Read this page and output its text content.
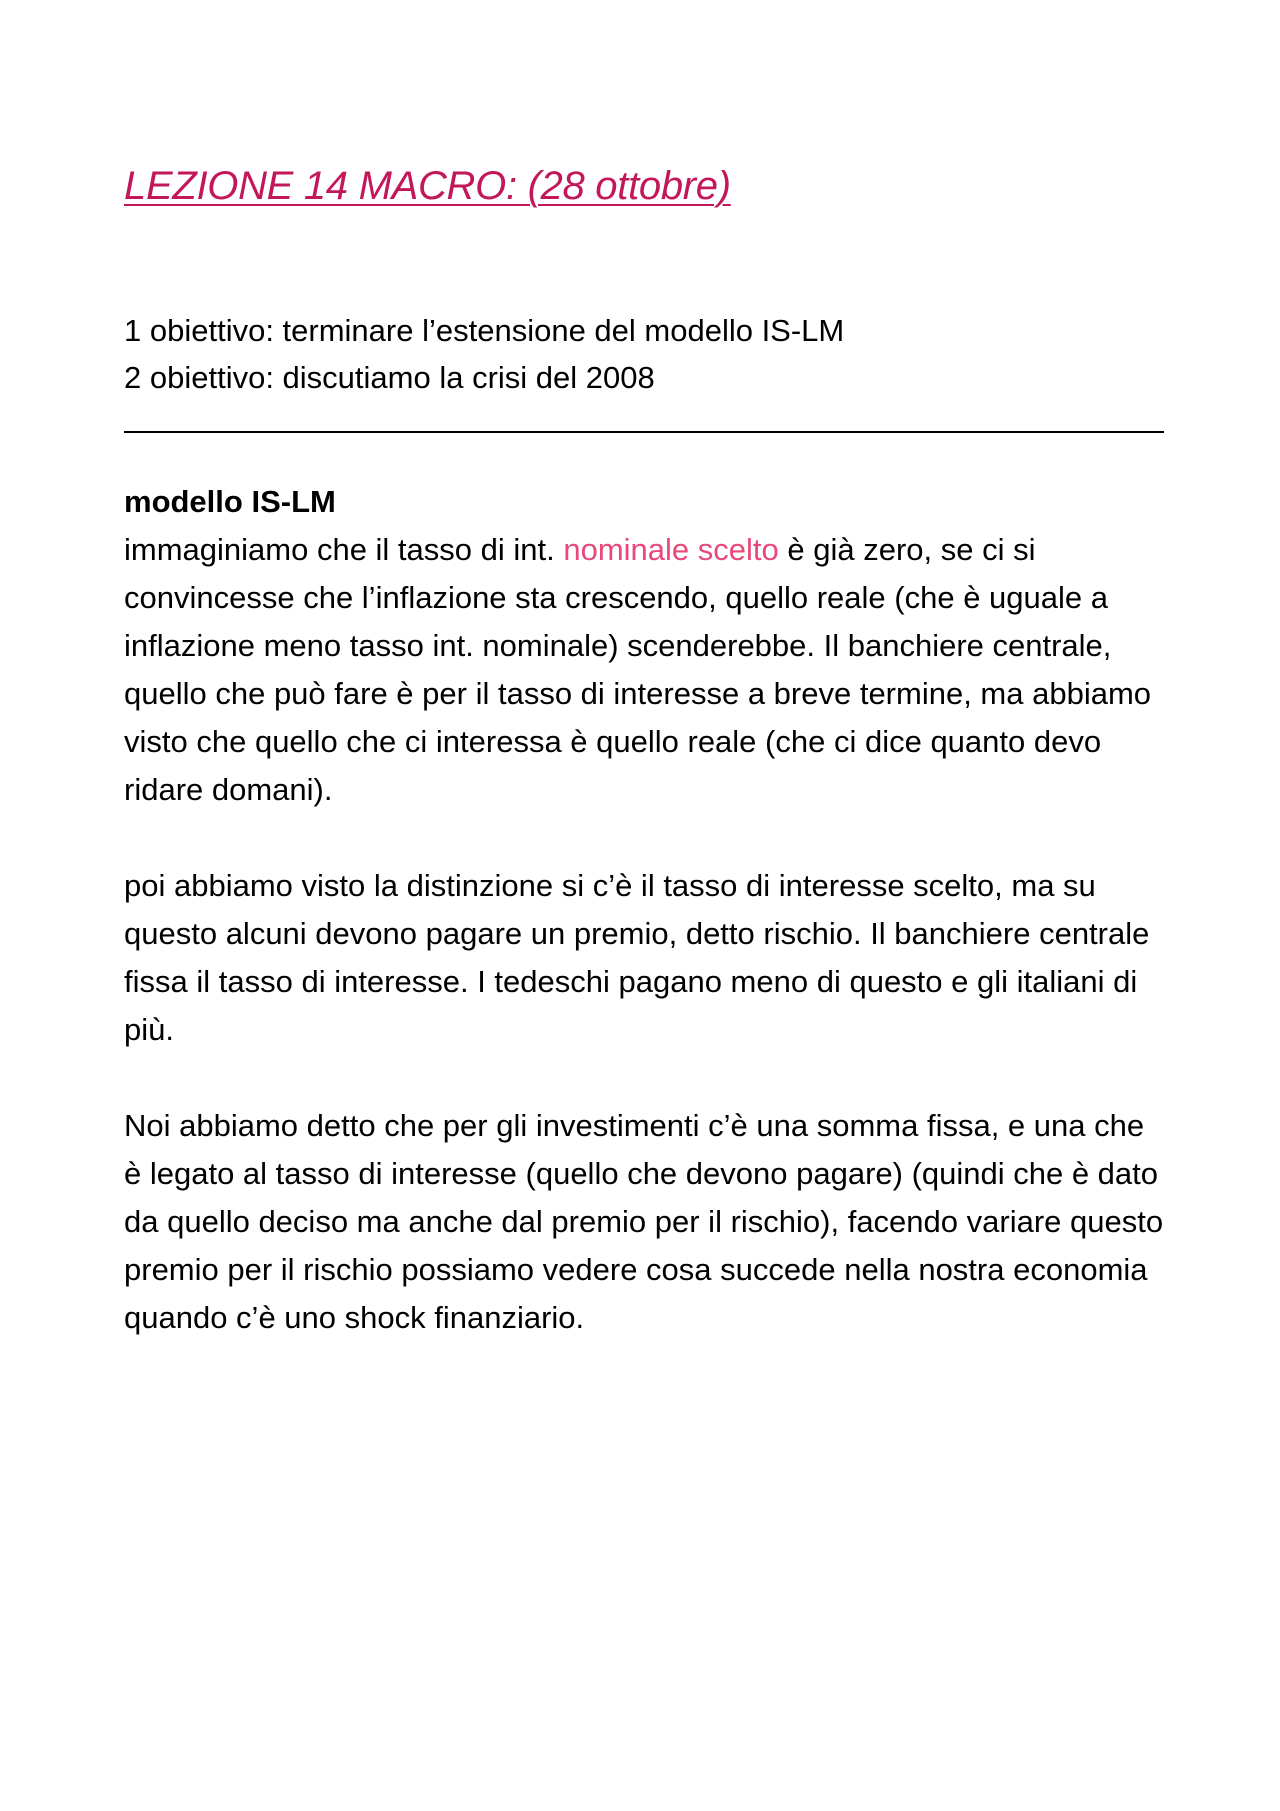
LEZIONE 14 MACRO: (28 ottobre)
1 obiettivo: terminare l’estensione del modello IS-LM
2 obiettivo: discutiamo la crisi del 2008
modello IS-LM

immaginiamo che il tasso di int. nominale scelto è già zero, se ci si convincesse che l’inflazione sta crescendo, quello reale (che è uguale a inflazione meno tasso int. nominale) scenderebbe. Il banchiere centrale, quello che può fare è per il tasso di interesse a breve termine, ma abbiamo visto che quello che ci interessa è quello reale (che ci dice quanto devo ridare domani).

poi abbiamo visto la distinzione si c’è il tasso di interesse scelto, ma su questo alcuni devono pagare un premio, detto rischio. Il banchiere centrale fissa il tasso di interesse. I tedeschi pagano meno di questo e gli italiani di più.

Noi abbiamo detto che per gli investimenti c’è una somma fissa, e una che è legato al tasso di interesse (quello che devono pagare) (quindi che è dato da quello deciso ma anche dal premio per il rischio), facendo variare questo premio per il rischio possiamo vedere cosa succede nella nostra economia quando c’è uno shock finanziario.
